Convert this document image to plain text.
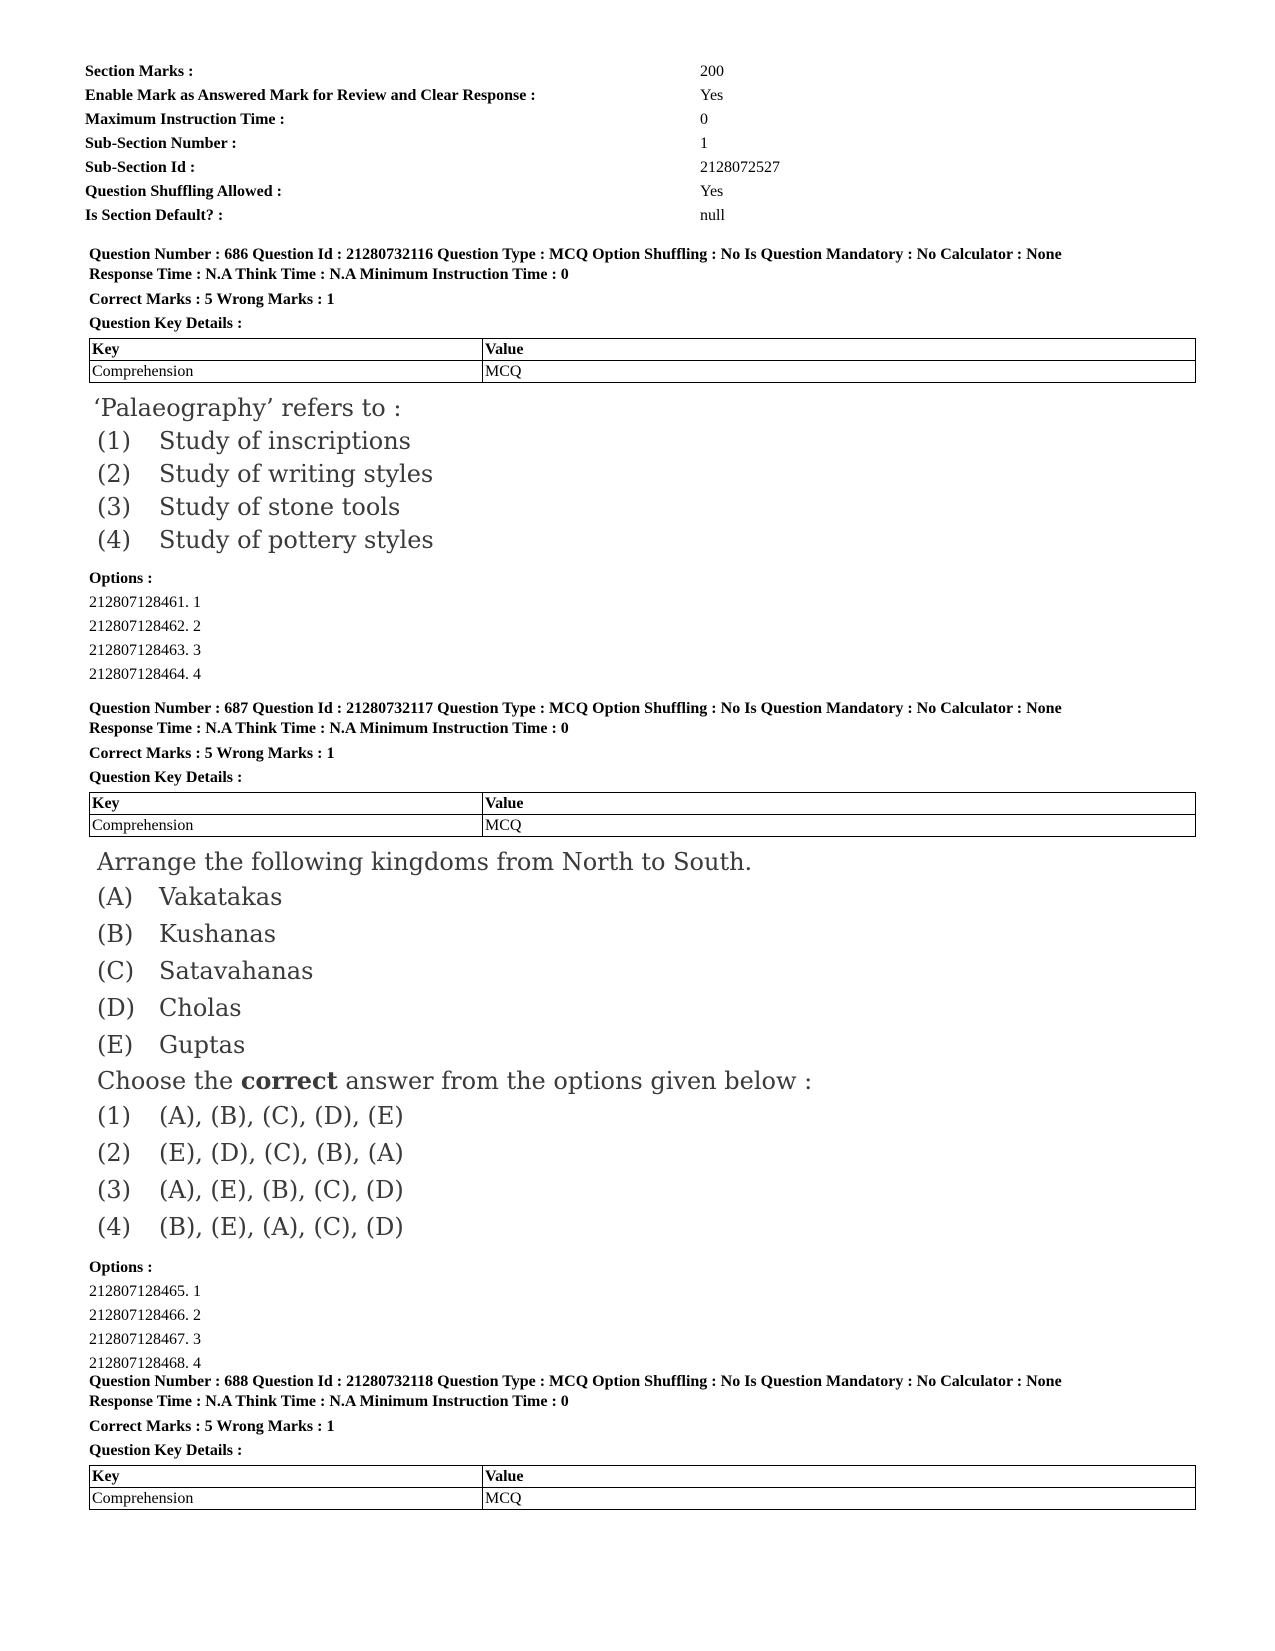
Section Marks :	200
Enable Mark as Answered Mark for Review and Clear Response :	Yes
Maximum Instruction Time :	0
Sub-Section Number :	1
Sub-Section Id :	2128072527
Question Shuffling Allowed :	Yes
Is Section Default? :	null
Question Number : 686 Question Id : 21280732116 Question Type : MCQ Option Shuffling : No Is Question Mandatory : No Calculator : None
Response Time : N.A Think Time : N.A Minimum Instruction Time : 0
Correct Marks : 5 Wrong Marks : 1
Question Key Details :
Key	Value
Comprehension	MCQ
‘Palaeography’ refers to :
(1)	Study of inscriptions
(2)	Study of writing styles
(3)	Study of stone tools
(4)	Study of pottery styles
Options :
212807128461. 1
212807128462. 2
212807128463. 3
212807128464. 4
Question Number : 687 Question Id : 21280732117 Question Type : MCQ Option Shuffling : No Is Question Mandatory : No Calculator : None
Response Time : N.A Think Time : N.A Minimum Instruction Time : 0
Correct Marks : 5 Wrong Marks : 1
Question Key Details :
Key	Value
Comprehension	MCQ
Arrange the following kingdoms from North to South.
(A)	Vakatakas
(B)	Kushanas
(C)	Satavahanas
(D)	Cholas
(E)	Guptas
Choose the correct answer from the options given below :
(1)	(A), (B), (C), (D), (E)
(2)	(E), (D), (C), (B), (A)
(3)	(A), (E), (B), (C), (D)
(4)	(B), (E), (A), (C), (D)
Options :
212807128465. 1
212807128466. 2
212807128467. 3
212807128468. 4
Question Number : 688 Question Id : 21280732118 Question Type : MCQ Option Shuffling : No Is Question Mandatory : No Calculator : None
Response Time : N.A Think Time : N.A Minimum Instruction Time : 0
Correct Marks : 5 Wrong Marks : 1
Question Key Details :
Key	Value
Comprehension	MCQ
